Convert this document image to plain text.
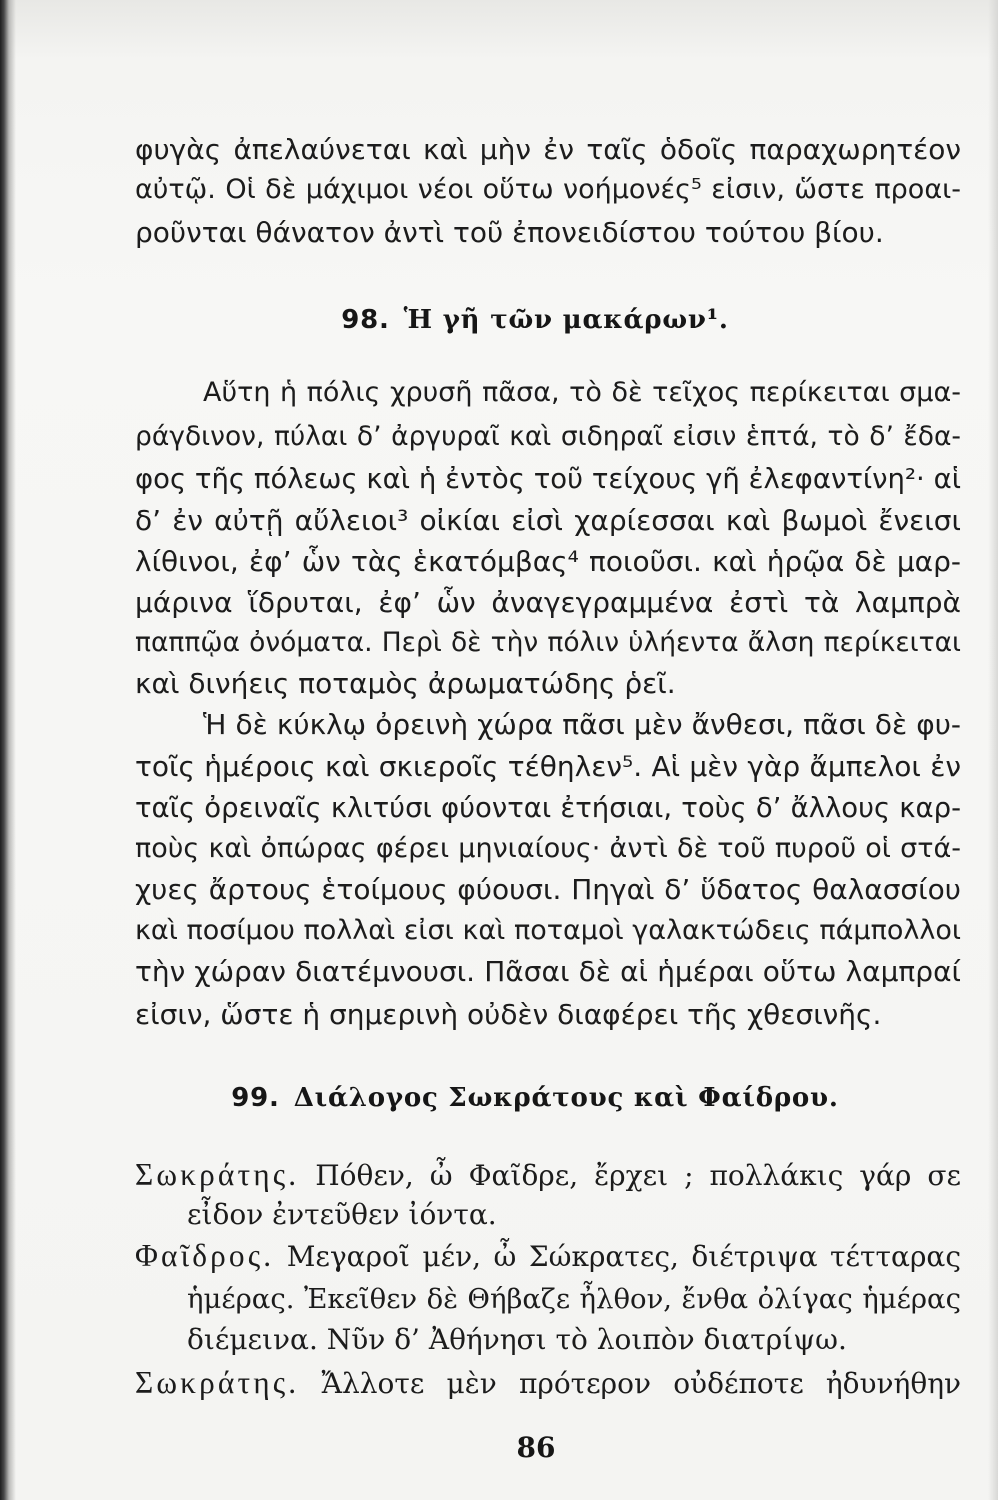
φυγὰς ἀπελαύνεται καὶ μὴν ἐν ταῖς ὁδοῖς παραχωρητέον
αὐτῷ. Οἱ δὲ μάχιμοι νέοι οὕτω νοήμονές⁵ εἰσιν, ὥστε προαι-
ροῦνται θάνατον ἀντὶ τοῦ ἐπονειδίστου τούτου βίου.
98. Ἡ γῆ τῶν μακάρων¹.
Αὕτη ἡ πόλις χρυσῆ πᾶσα, τὸ δὲ τεῖχος περίκειται σμα-
ράγδινον, πύλαι δ’ ἀργυραῖ καὶ σιδηραῖ εἰσιν ἑπτά, τὸ δ’ ἔδα-
φος τῆς πόλεως καὶ ἡ ἐντὸς τοῦ τείχους γῆ ἐλεφαντίνη²· αἱ
δ’ ἐν αὐτῇ αὔλειοι³ οἰκίαι εἰσὶ χαρίεσσαι καὶ βωμοὶ ἔνεισι
λίθινοι, ἐφ’ ὧν τὰς ἑκατόμβας⁴ ποιοῦσι. καὶ ἡρῷα δὲ μαρ-
μάρινα ἵδρυται, ἐφ’ ὧν ἀναγεγραμμένα ἐστὶ τὰ λαμπρὰ
παππῷα ὀνόματα. Περὶ δὲ τὴν πόλιν ὑλήεντα ἄλση περίκειται
καὶ δινήεις ποταμὸς ἀρωματώδης ῥεῖ.
Ἡ δὲ κύκλῳ ὀρεινὴ χώρα πᾶσι μὲν ἄνθεσι, πᾶσι δὲ φυ-
τοῖς ἡμέροις καὶ σκιεροῖς τέθηλεν⁵. Αἱ μὲν γὰρ ἄμπελοι ἐν
ταῖς ὀρειναῖς κλιτύσι φύονται ἐτήσιαι, τοὺς δ’ ἄλλους καρ-
ποὺς καὶ ὀπώρας φέρει μηνιαίους· ἀντὶ δὲ τοῦ πυροῦ οἱ στά-
χυες ἄρτους ἑτοίμους φύουσι. Πηγαὶ δ’ ὕδατος θαλασσίου
καὶ ποσίμου πολλαὶ εἰσι καὶ ποταμοὶ γαλακτώδεις πάμπολλοι
τὴν χώραν διατέμνουσι. Πᾶσαι δὲ αἱ ἡμέραι οὕτω λαμπραί
εἰσιν, ὥστε ἡ σημερινὴ οὐδὲν διαφέρει τῆς χθεσινῆς.
99. Διάλογος Σωκράτους καὶ Φαίδρου.
Σωκράτης. Πόθεν, ὦ Φαῖδρε, ἔρχει ; πολλάκις γάρ σε
εἶδον ἐντεῦθεν ἰόντα.
Φαῖδρος. Μεγαροῖ μέν, ὦ Σώκρατες, διέτριψα τέτταρας
ἡμέρας. Ἐκεῖθεν δὲ Θήβαζε ἦλθον, ἔνθα ὀλίγας ἡμέρας
διέμεινα. Νῦν δ’ Ἀθήνησι τὸ λοιπὸν διατρίψω.
Σωκράτης. Ἄλλοτε μὲν πρότερον οὐδέποτε ἠδυνήθην
86
